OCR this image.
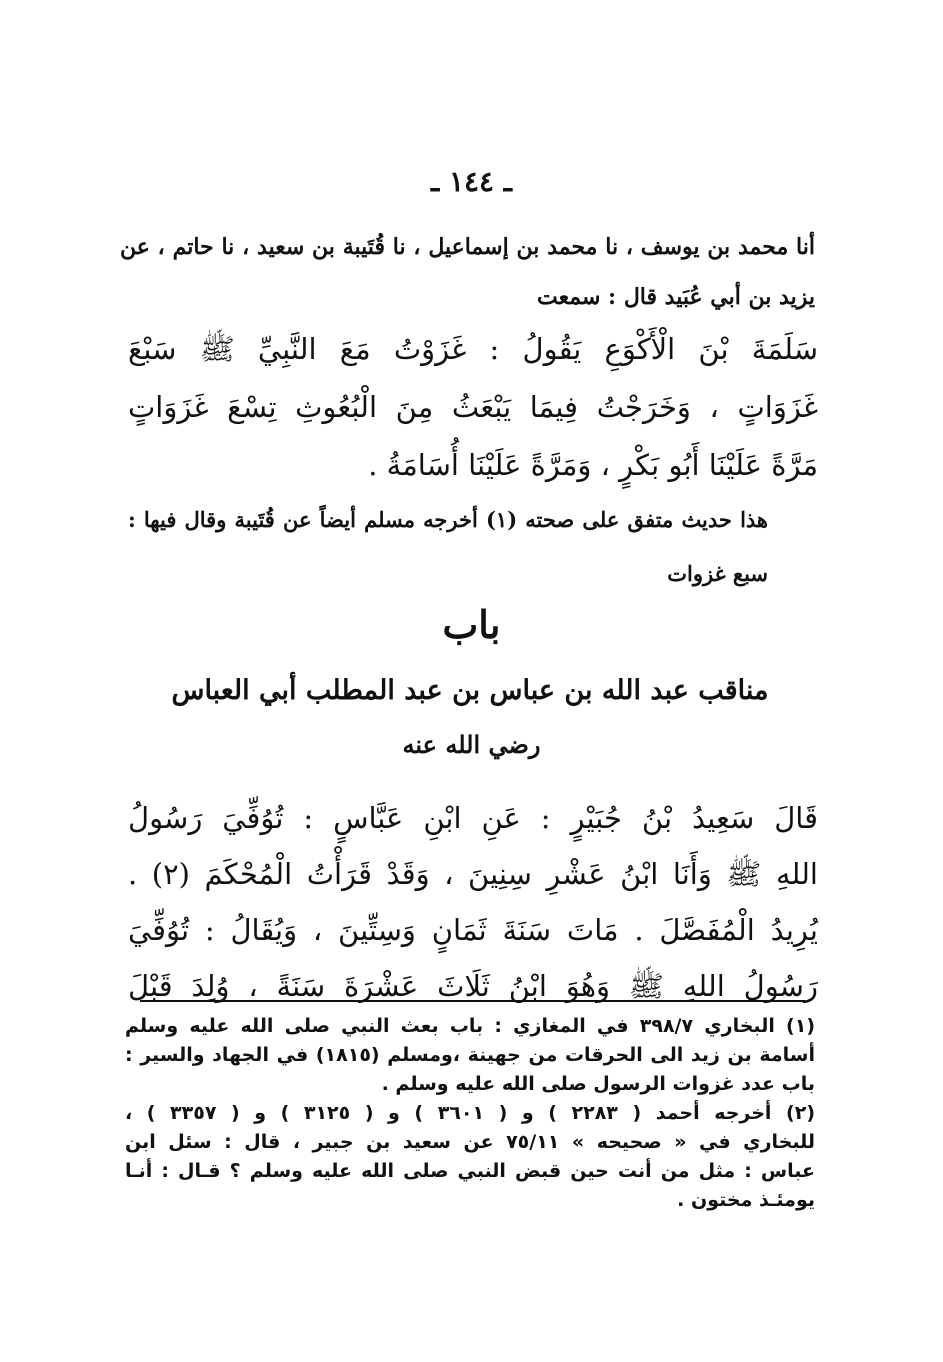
ـ ١٤٤ ـ
أنا محمد بن يوسف ، نا محمد بن إسماعيل ، نا قُتَيبة بن سعيد ، نا حاتم ، عن يزيد بن أبي عُبَيد قال : سمعت
سَلَمَةَ بْنَ الْأَكْوَعِ يَقُولُ : غَزَوْتُ مَعَ النَّبِيِّ ﷺ سَبْعَ
غَزَوَاتٍ ، وَخَرَجْتُ فِيمَا يَبْعَثُ مِنَ الْبُعُوثِ تِسْعَ غَزَوَاتٍ
مَرَّةً عَلَيْنَا أَبُو بَكْرٍ ، وَمَرَّةً عَلَيْنَا أُسَامَةُ .
هذا حديث متفق على صحته (١) أخرجه مسلم أيضاً عن قُتَيبة وقال فيها : سبع غزوات
باب
مناقب عبد الله بن عباس بن عبد المطلب أبي العباس
رضي الله عنه
قَالَ سَعِيدُ بْنُ جُبَيْرٍ : عَنِ ابْنِ عَبَّاسٍ : تُوُفِّيَ رَسُولُ
اللهِ ﷺ وَأَنَا ابْنُ عَشْرِ سِنِينَ ، وَقَدْ قَرَأْتُ الْمُحْكَمَ (٢) .
يُرِيدُ الْمُفَصَّلَ . مَاتَ سَنَةَ ثَمَانٍ وَسِتِّينَ ، وَيُقَالُ : تُوُفِّيَ
رَسُولُ اللهِ ﷺ وَهُوَ ابْنُ ثَلَاثَ عَشْرَةَ سَنَةً ، وُلِدَ قَبْلَ
(١) البخاري ٣٩٨/٧ في المغازي : باب بعث النبي صلى الله عليه وسلم
أسامة بن زيد الى الحرقات من جهينة ،ومسلم (١٨١٥) في الجهاد والسير :
باب عدد غزوات الرسول صلى الله عليه وسلم .
(٢) أخرجه أحمد ( ٢٢٨٣ ) و ( ٣٦٠١ ) و ( ٣١٢٥ ) و ( ٣٣٥٧ ) ،
للبخاري في « صحيحه » ٧٥/١١ عن سعيد بن جبير ، قال : سئل ابن
عباس : مثل من أنت حين قبض النبي صلى الله عليه وسلم ؟ قـال : أنـا
يومئـذ مختون .
